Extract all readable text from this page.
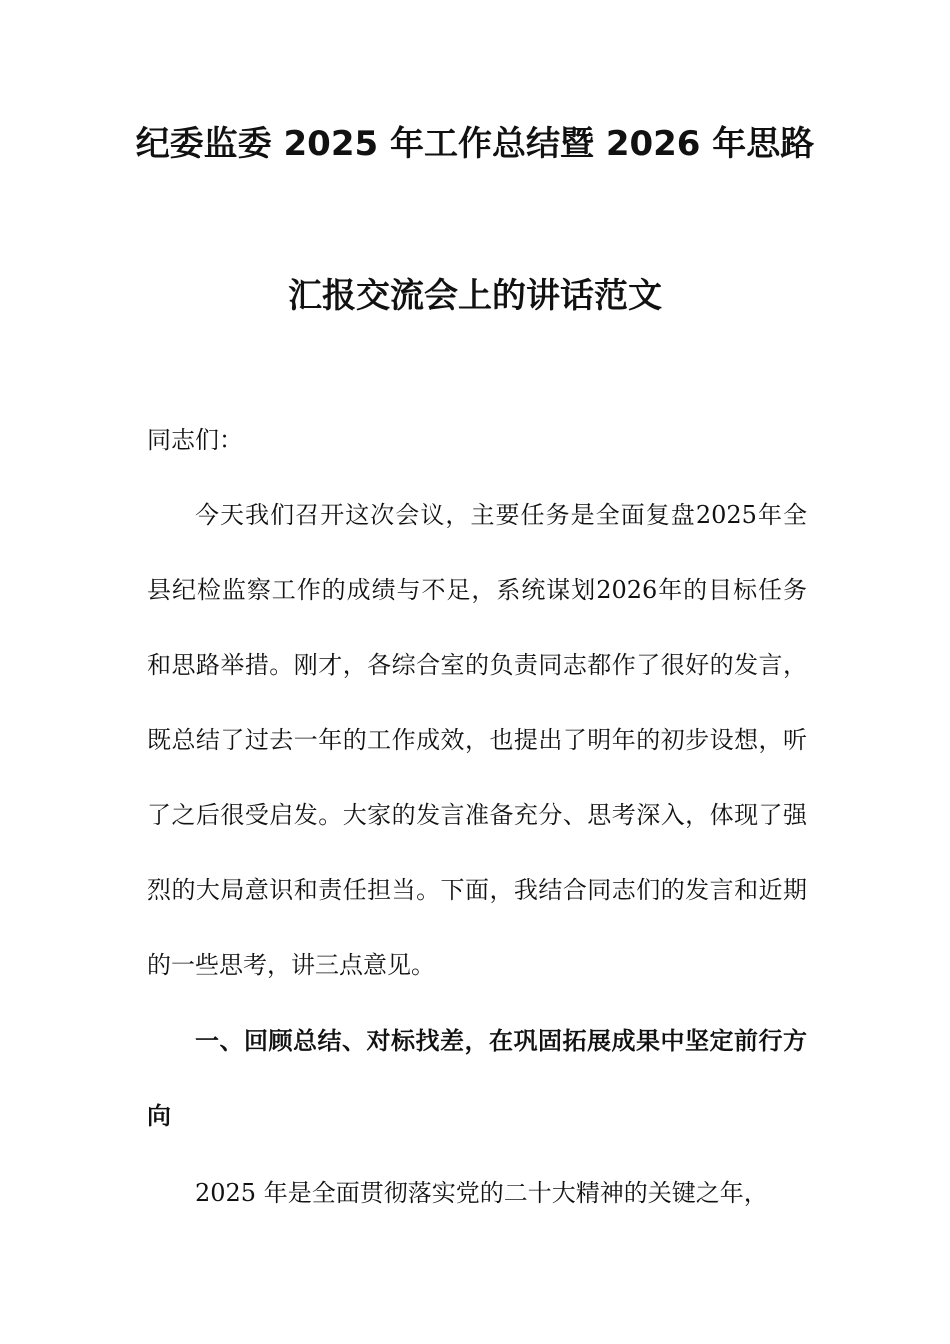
纪委监委 2025 年工作总结暨 2026 年思路
汇报交流会上的讲话范文
同志们：
今天我们召开这次会议，主要任务是全面复盘2025年全县纪检监察工作的成绩与不足，系统谋划2026年的目标任务和思路举措。刚才，各综合室的负责同志都作了很好的发言，既总结了过去一年的工作成效，也提出了明年的初步设想，听了之后很受启发。大家的发言准备充分、思考深入，体现了强烈的大局意识和责任担当。下面，我结合同志们的发言和近期的一些思考，讲三点意见。
一、回顾总结、对标找差，在巩固拓展成果中坚定前行方向
2025 年是全面贯彻落实党的二十大精神的关键之年，
